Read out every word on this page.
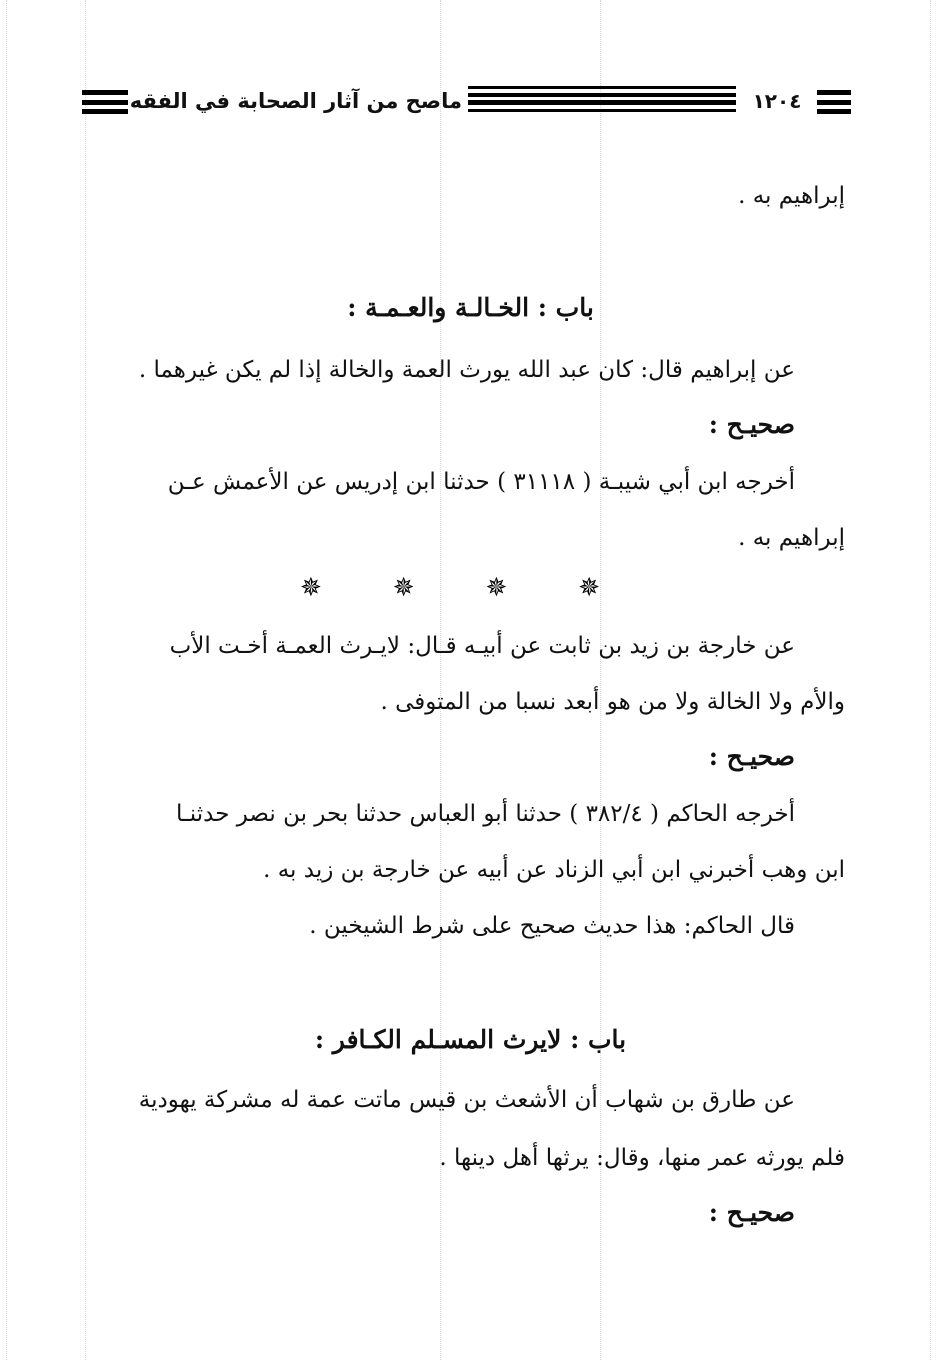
ماصح من آثار الصحابة في الفقه	١٢٠٤
إبراهيم به .
باب : الخـالـة والعـمـة :
عن إبراهيم قال: كان عبد الله يورث العمة والخالة إذا لم يكن غيرهما .
صحيـح :
أخرجه ابن أبي شيبـة ( ٣١١١٨ ) حدثنا ابن إدريس عن الأعمش عـن
إبراهيم به .
✵	✵	✵	✵
عن خارجة بن زيد بن ثابت عن أبيـه قـال: لايـرث العمـة أخـت الأب
والأم ولا الخالة ولا من هو أبعد نسبا من المتوفى .
صحيـح :
أخرجه الحاكم ( ٣٨٢/٤ ) حدثنا أبو العباس حدثنا بحر بن نصر حدثنـا
ابن وهب أخبرني ابن أبي الزناد عن أبيه عن خارجة بن زيد به .
قال الحاكم: هذا حديث صحيح على شرط الشيخين .
باب : لايرث المسـلم الكـافر :
عن طارق بن شهاب أن الأشعث بن قيس ماتت عمة له مشركة يهودية
فلم يورثه عمر منها، وقال: يرثها أهل دينها .
صحيـح :
